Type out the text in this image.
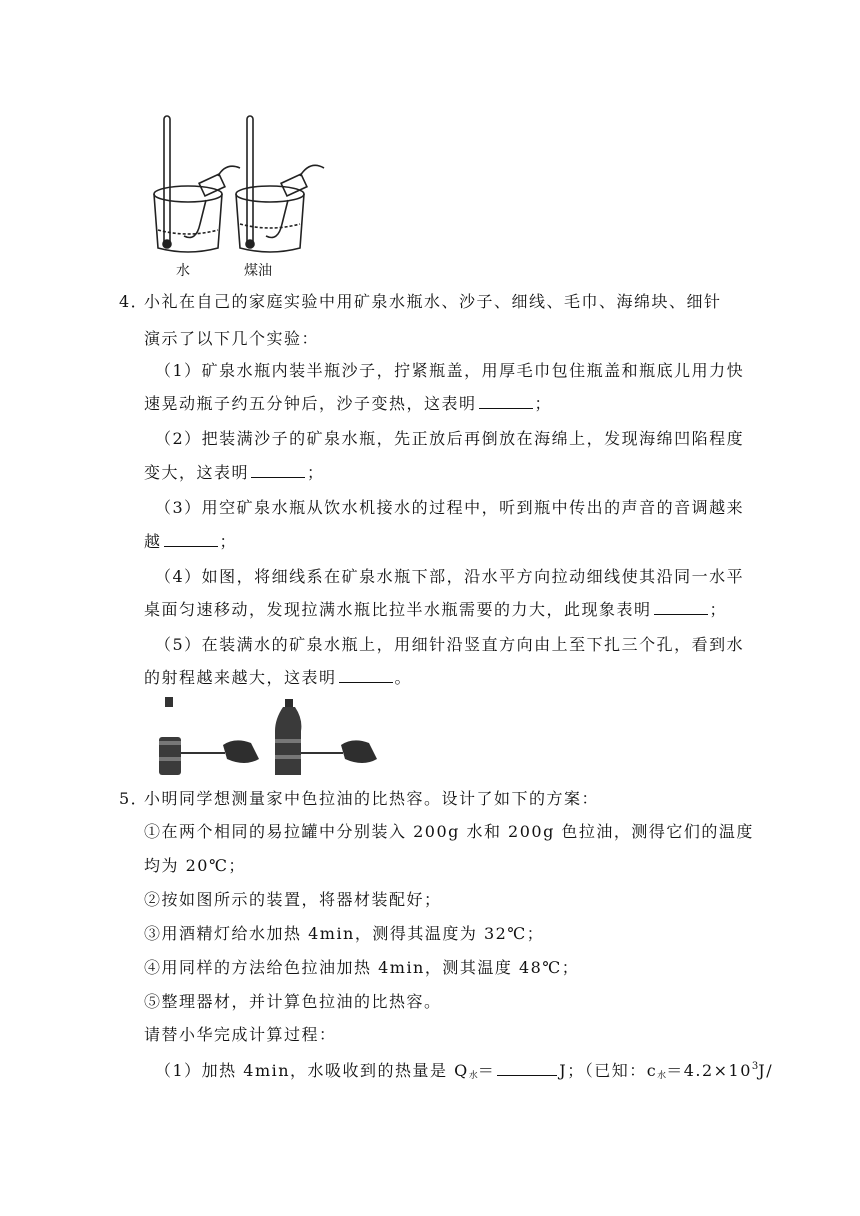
水	煤油
4．
小礼在自己的家庭实验中用矿泉水瓶水、沙子、细线、毛巾、海绵块、细针
演示了以下几个实验：
（1）矿泉水瓶内装半瓶沙子，拧紧瓶盖，用厚毛巾包住瓶盖和瓶底儿用力快
速晃动瓶子约五分钟后，沙子变热，这表明	；
（2）把装满沙子的矿泉水瓶，先正放后再倒放在海绵上，发现海绵凹陷程度
变大，这表明	；
（3）用空矿泉水瓶从饮水机接水的过程中，听到瓶中传出的声音的音调越来
越	；
（4）如图，将细线系在矿泉水瓶下部，沿水平方向拉动细线使其沿同一水平
桌面匀速移动，发现拉满水瓶比拉半水瓶需要的力大，此现象表明	；
（5）在装满水的矿泉水瓶上，用细针沿竖直方向由上至下扎三个孔，看到水
的射程越来越大，这表明	。
5．
小明同学想测量家中色拉油的比热容。设计了如下的方案：
①在两个相同的易拉罐中分别装入 200g 水和 200g 色拉油，测得它们的温度
均为 20℃；
②按如图所示的装置，将器材装配好；
③用酒精灯给水加热 4min，测得其温度为 32℃；
④用同样的方法给色拉油加热 4min，测其温度 48℃；
⑤整理器材，并计算色拉油的比热容。
请替小华完成计算过程：
（1）加热 4min，水吸收到的热量是 $Q_水=$	J；（已知：$c_水=4.2\times 10^3J/$
